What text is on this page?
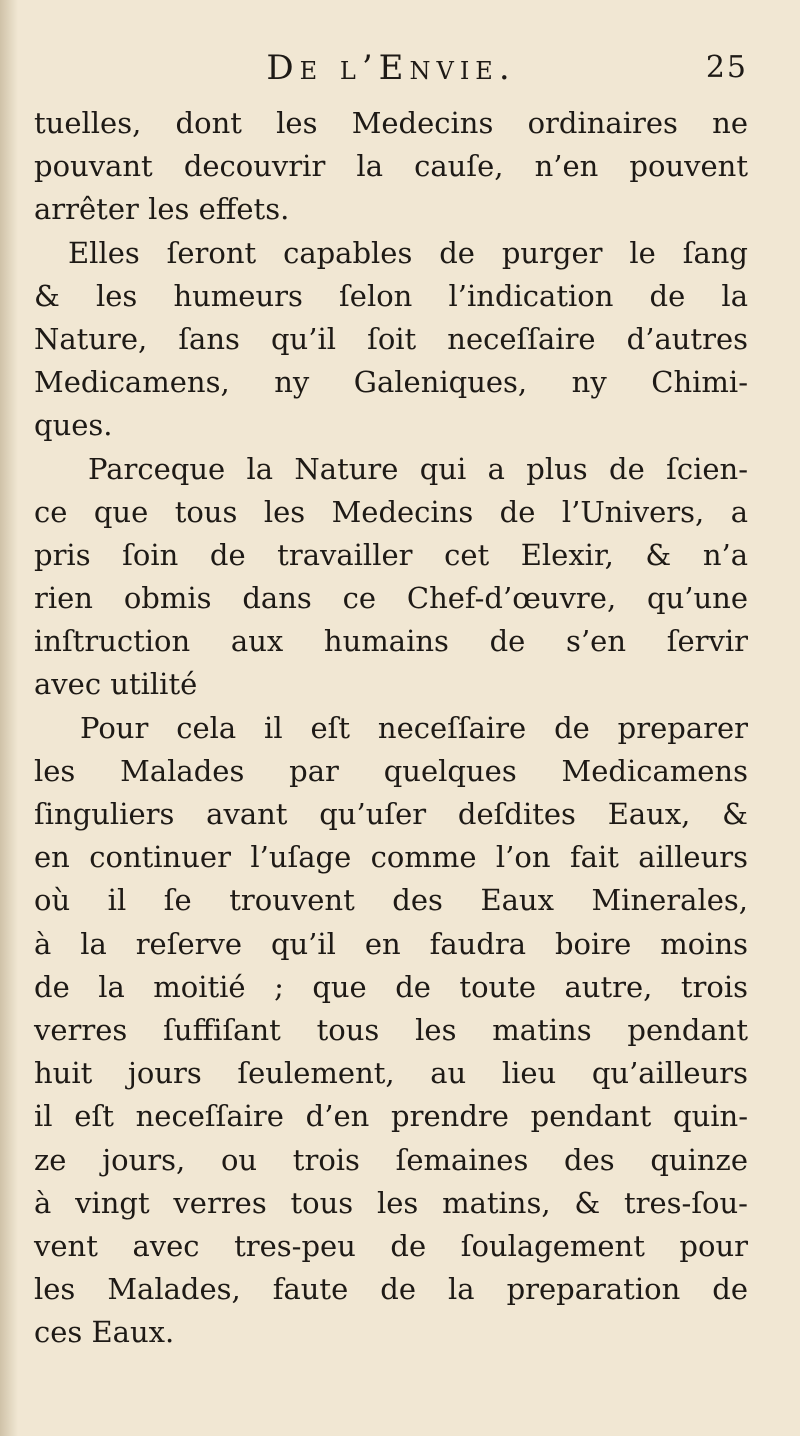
De l’Envie.	25
tuelles, dont les Medecins ordinaires ne
pouvant decouvrir la cauſe, n’en pouvent
arrêter les effets.
Elles ſeront capables de purger le ſang
& les humeurs ſelon l’indication de la
Nature, ſans qu’il ſoit neceſſaire d’autres
Medicamens, ny Galeniques, ny Chimi-
ques.
Parceque la Nature qui a plus de ſcien-
ce que tous les Medecins de l’Univers, a
pris ſoin de travailler cet Elexir, & n’a
rien obmis dans ce Chef-d’œuvre, qu’une
inſtruction aux humains de s’en ſervir
avec utilité
Pour cela il eſt neceſſaire de preparer
les Malades par quelques Medicamens
ſinguliers avant qu’uſer deſdites Eaux, &
en continuer l’uſage comme l’on fait ailleurs
où il ſe trouvent des Eaux Minerales,
à la reſerve qu’il en faudra boire moins
de la moitié ; que de toute autre, trois
verres ſuffiſant tous les matins pendant
huit jours ſeulement, au lieu qu’ailleurs
il eſt neceſſaire d’en prendre pendant quin-
ze jours, ou trois ſemaines des quinze
à vingt verres tous les matins, & tres-ſou-
vent avec tres-peu de ſoulagement pour
les Malades, faute de la preparation de
ces Eaux.
